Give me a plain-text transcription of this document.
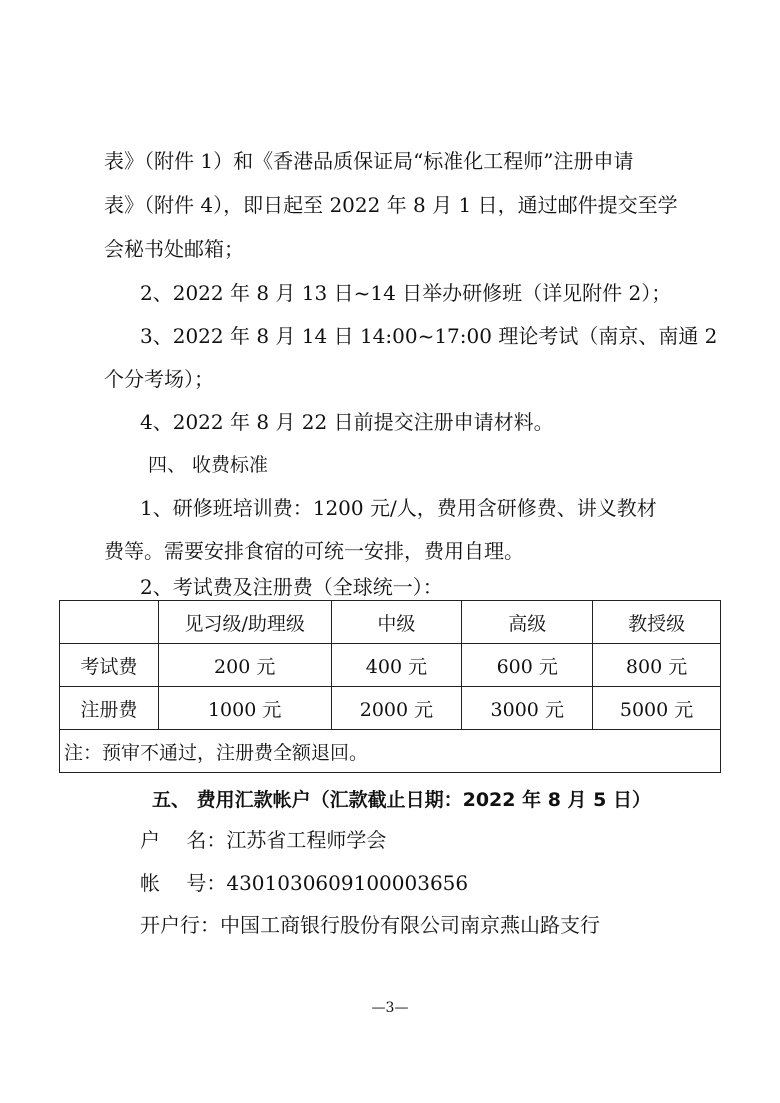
表》（附件 1）和《香港品质保证局“标准化工程师”注册申请
表》（附件 4），即日起至 2022 年 8 月 1 日，通过邮件提交至学
会秘书处邮箱；
2、2022 年 8 月 13 日~14 日举办研修班（详见附件 2）；
3、2022 年 8 月 14 日 14:00~17:00 理论考试（南京、南通 2
个分考场）；
4、2022 年 8 月 22 日前提交注册申请材料。
四、 收费标准
1、研修班培训费：1200 元/人，费用含研修费、讲义教材
费等。需要安排食宿的可统一安排，费用自理。
2、考试费及注册费（全球统一）：
	见习级/助理级	中级	高级	教授级
考试费	200 元	400 元	600 元	800 元
注册费	1000 元	2000 元	3000 元	5000 元
注：预审不通过，注册费全额退回。				
五、 费用汇款帐户（汇款截止日期：2022 年 8 月 5 日）
户　 名：江苏省工程师学会
帐　 号：4301030609100003656
开户行：中国工商银行股份有限公司南京燕山路支行
—3—
